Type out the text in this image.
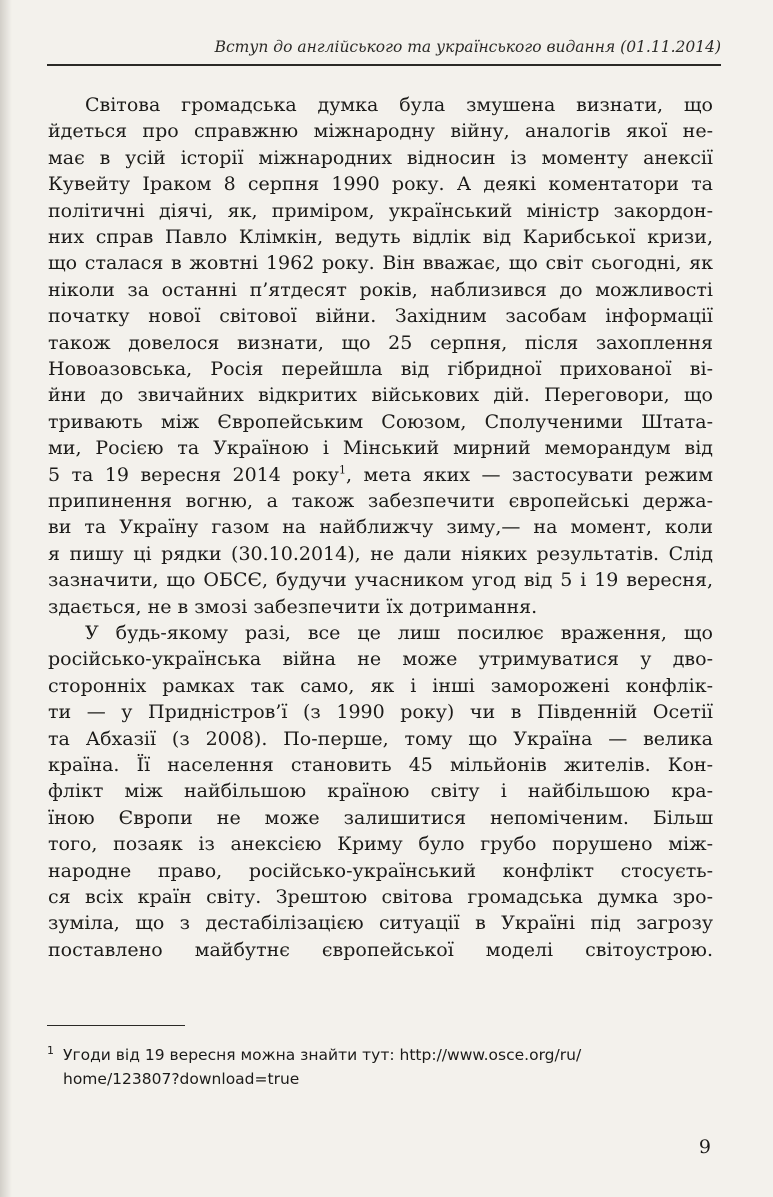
Вступ до англійського та українського видання (01.11.2014)

Світова громадська думка була змушена визнати, що
йдеться про справжню міжнародну війну, аналогів якої не-
має в усій історії міжнародних відносин із моменту анексії
Кувейту Іраком 8 серпня 1990 року. А деякі коментатори та
політичні діячі, як, приміром, український міністр закордон-
них справ Павло Клімкін, ведуть відлік від Карибської кризи,
що сталася в жовтні 1962 року. Він вважає, що світ сьогодні, як
ніколи за останні п’ятдесят років, наблизився до можливості
початку нової світової війни. Західним засобам інформації
також довелося визнати, що 25 серпня, після захоплення
Новоазовська, Росія перейшла від гібридної прихованої ві-
йни до звичайних відкритих військових дій. Переговори, що
тривають між Європейським Союзом, Сполученими Штата-
ми, Росією та Україною і Мінський мирний меморандум від
5 та 19 вересня 2014 року$^1$, мета яких — застосувати режим
припинення вогню, а також забезпечити європейські держа-
ви та Україну газом на найближчу зиму,— на момент, коли
я пишу ці рядки (30.10.2014), не дали ніяких результатів. Слід
зазначити, що ОБСЄ, будучи учасником угод від 5 і 19 вересня,
здається, не в змозі забезпечити їх дотримання.

У будь-якому разі, все це лиш посилює враження, що
російсько-українська війна не може утримуватися у дво-
сторонніх рамках так само, як і інші заморожені конфлік-
ти — у Придністров’ї (з 1990 року) чи в Південній Осетії
та Абхазії (з 2008). По-перше, тому що Україна — велика
країна. Її населення становить 45 мільйонів жителів. Кон-
флікт між найбільшою країною світу і найбільшою кра-
їною Європи не може залишитися непоміченим. Більш
того, позаяк із анексією Криму було грубо порушено між-
народне право, російсько-український конфлікт стосуєть-
ся всіх країн світу. Зрештою світова громадська думка зро-
зуміла, що з дестабілізацією ситуації в Україні під загрозу
поставлено майбутнє європейської моделі світоустрою.

1 Угоди від 19 вересня можна знайти тут: http://www.osce.org/ru/
home/123807?download=true
9
